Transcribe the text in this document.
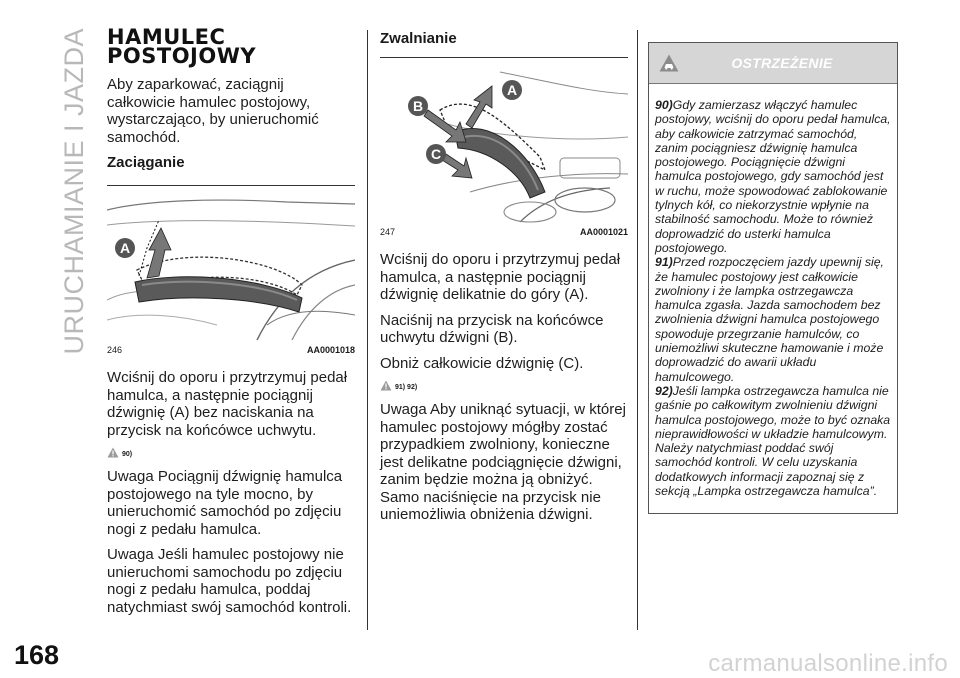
URUCHAMIANIE I JAZDA
168	carmanualsonline.info
HAMULEC
POSTOJOWY

Aby zaparkować, zaciągnij całkowicie hamulec postojowy, wystarczająco, by unieruchomić samochód.

Zaciąganie
A
246	AA0001018

Wciśnij do oporu i przytrzymuj pedał hamulca, a następnie pociągnij dźwignię (A) bez naciskania na przycisk na końcówce uchwytu.

90)

Uwaga Pociągnij dźwignię hamulca postojowego na tyle mocno, by unieruchomić samochód po zdjęciu nogi z pedału hamulca.

Uwaga Jeśli hamulec postojowy nie unieruchomi samochodu po zdjęciu nogi z pedału hamulca, poddaj natychmiast swój samochód kontroli.

Zwalnianie
B
A
C
247	AA0001021

Wciśnij do oporu i przytrzymuj pedał hamulca, a następnie pociągnij dźwignię delikatnie do góry (A).

Naciśnij na przycisk na końcówce uchwytu dźwigni (B).

Obniż całkowicie dźwignię (C).

91) 92)

Uwaga Aby uniknąć sytuacji, w której hamulec postojowy mógłby zostać przypadkiem zwolniony, konieczne jest delikatne podciągnięcie dźwigni, zanim będzie można ją obniżyć. Samo naciśnięcie na przycisk nie uniemożliwia obniżenia dźwigni.

OSTRZEŻENIE
90)Gdy zamierzasz włączyć hamulec postojowy, wciśnij do oporu pedał hamulca, aby całkowicie zatrzymać samochód, zanim pociągniesz dźwignię hamulca postojowego. Pociągnięcie dźwigni hamulca postojowego, gdy samochód jest w ruchu, może spowodować zablokowanie tylnych kół, co niekorzystnie wpłynie na stabilność samochodu. Może to również doprowadzić do usterki hamulca postojowego.
91)Przed rozpoczęciem jazdy upewnij się, że hamulec postojowy jest całkowicie zwolniony i że lampka ostrzegawcza hamulca zgasła. Jazda samochodem bez zwolnienia dźwigni hamulca postojowego spowoduje przegrzanie hamulców, co uniemożliwi skuteczne hamowanie i może doprowadzić do awarii układu hamulcowego.
92)Jeśli lampka ostrzegawcza hamulca nie gaśnie po całkowitym zwolnieniu dźwigni hamulca postojowego, może to być oznaka nieprawidłowości w układzie hamulcowym. Należy natychmiast poddać swój samochód kontroli. W celu uzyskania dodatkowych informacji zapoznaj się z sekcją „Lampka ostrzegawcza hamulca”.
